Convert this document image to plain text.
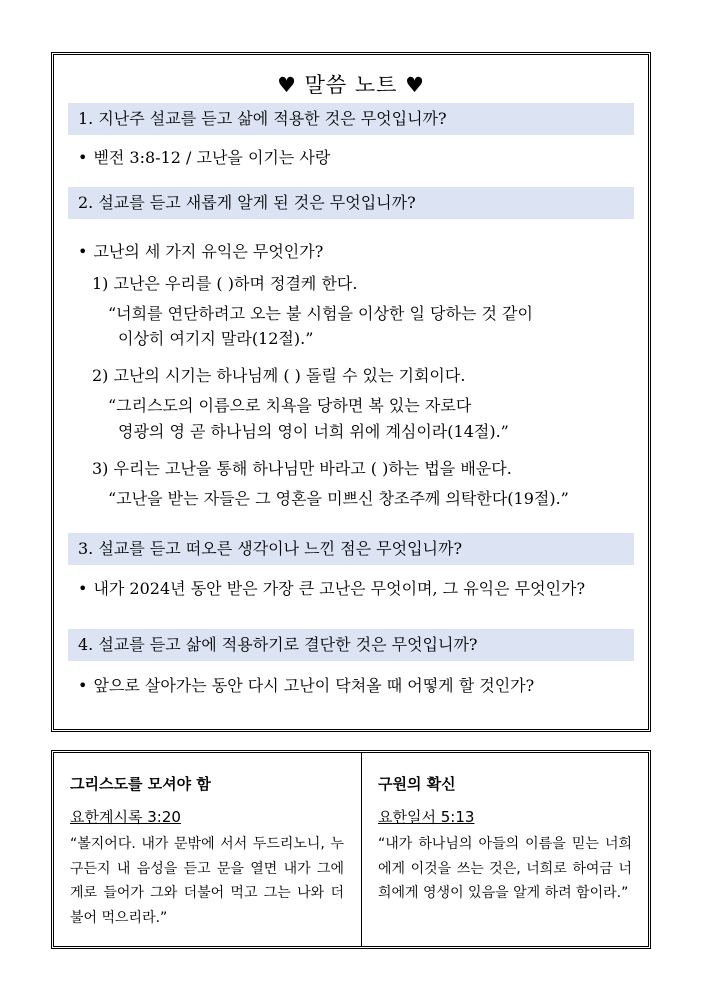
♥ 말씀 노트 ♥
1. 지난주 설교를 듣고 삶에 적용한 것은 무엇입니까?
• 벧전 3:8-12 / 고난을 이기는 사랑
2. 설교를 듣고 새롭게 알게 된 것은 무엇입니까?
• 고난의 세 가지 유익은 무엇인가?
1) 고난은 우리를 ( )하며 정결케 한다.
“너희를 연단하려고 오는 불 시험을 이상한 일 당하는 것 같이
이상히 여기지 말라(12절).”
2) 고난의 시기는 하나님께 ( ) 돌릴 수 있는 기회이다.
“그리스도의 이름으로 치욕을 당하면 복 있는 자로다
영광의 영 곧 하나님의 영이 너희 위에 계심이라(14절).”
3) 우리는 고난을 통해 하나님만 바라고 ( )하는 법을 배운다.
“고난을 받는 자들은 그 영혼을 미쁘신 창조주께 의탁한다(19절).”
3. 설교를 듣고 떠오른 생각이나 느낀 점은 무엇입니까?
• 내가 2024년 동안 받은 가장 큰 고난은 무엇이며, 그 유익은 무엇인가?
4. 설교를 듣고 삶에 적용하기로 결단한 것은 무엇입니까?
• 앞으로 살아가는 동안 다시 고난이 닥쳐올 때 어떻게 할 것인가?
그리스도를 모셔야 함
요한계시록 3:20
“볼지어다. 내가 문밖에 서서 두드리노니, 누구든지 내 음성을 듣고 문을 열면 내가 그에게로 들어가 그와 더불어 먹고 그는 나와 더불어 먹으리라.”
구원의 확신
요한일서 5:13
“내가 하나님의 아들의 이름을 믿는 너희에게 이것을 쓰는 것은, 너희로 하여금 너희에게 영생이 있음을 알게 하려 함이라.”
